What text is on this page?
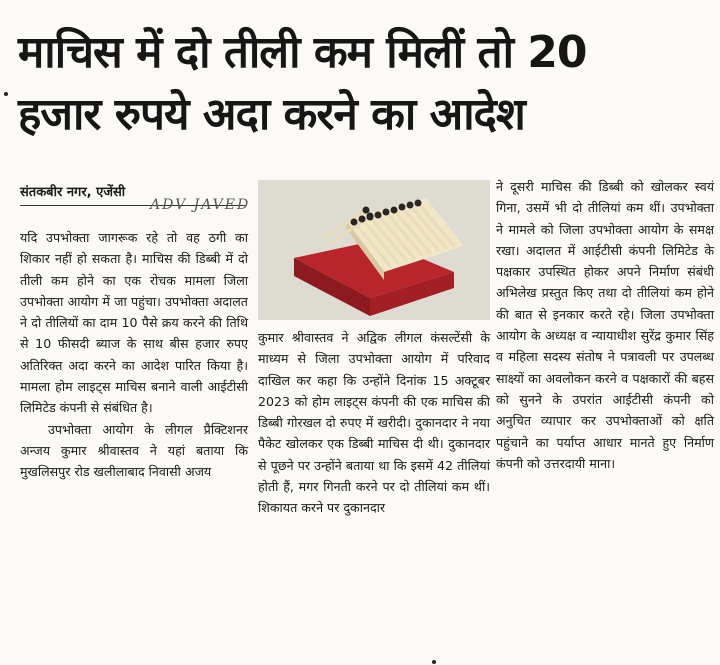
माचिस में दो तीली कम मिलीं तो 20
हजार रुपये अदा करने का आदेश
संतकबीर नगर, एजेंसी
ADV JAVED

यदि उपभोक्ता जागरूक रहे तो वह ठगी का शिकार नहीं हो सकता है। माचिस की डिब्बी में दो तीली कम होने का एक रोचक मामला जिला उपभोक्ता आयोग में जा पहुंचा। उपभोक्ता अदालत ने दो तीलियों का दाम 10 पैसे क्रय करने की तिथि से 10 फीसदी ब्याज के साथ बीस हजार रुपए अतिरिक्त अदा करने का आदेश पारित किया है। मामला होम लाइट्स माचिस बनाने वाली आईटीसी लिमिटेड कंपनी से संबंधित है।

उपभोक्ता आयोग के लीगल प्रैक्टिशनर अन्जय कुमार श्रीवास्तव ने यहां बताया कि मुखलिसपुर रोड खलीलाबाद निवासी अजय

कुमार श्रीवास्तव ने अद्विक लीगल कंसल्टेंसी के माध्यम से जिला उपभोक्ता आयोग में परिवाद दाखिल कर कहा कि उन्होंने दिनांक 15 अक्टूबर 2023 को होम लाइट्स कंपनी की एक माचिस की डिब्बी गोरखल दो रुपए में खरीदी। दुकानदार ने नया पैकेट खोलकर एक डिब्बी माचिस दी थी। दुकानदार से पूछने पर उन्होंने बताया था कि इसमें 42 तीलियां होती हैं, मगर गिनती करने पर दो तीलियां कम थीं। शिकायत करने पर दुकानदार

ने दूसरी माचिस की डिब्बी को खोलकर स्वयं गिना, उसमें भी दो तीलियां कम थीं। उपभोक्ता ने मामले को जिला उपभोक्ता आयोग के समक्ष रखा। अदालत में आईटीसी कंपनी लिमिटेड के पक्षकार उपस्थित होकर अपने निर्माण संबंधी अभिलेख प्रस्तुत किए तथा दो तीलियां कम होने की बात से इनकार करते रहे। जिला उपभोक्ता आयोग के अध्यक्ष व न्यायाधीश सुरेंद्र कुमार सिंह व महिला सदस्य संतोष ने पत्रावली पर उपलब्ध साक्ष्यों का अवलोकन करने व पक्षकारों की बहस को सुनने के उपरांत आईटीसी कंपनी को अनुचित व्यापार कर उपभोक्ताओं को क्षति पहुंचाने का पर्याप्त आधार मानते हुए निर्माण कंपनी को उत्तरदायी माना।
